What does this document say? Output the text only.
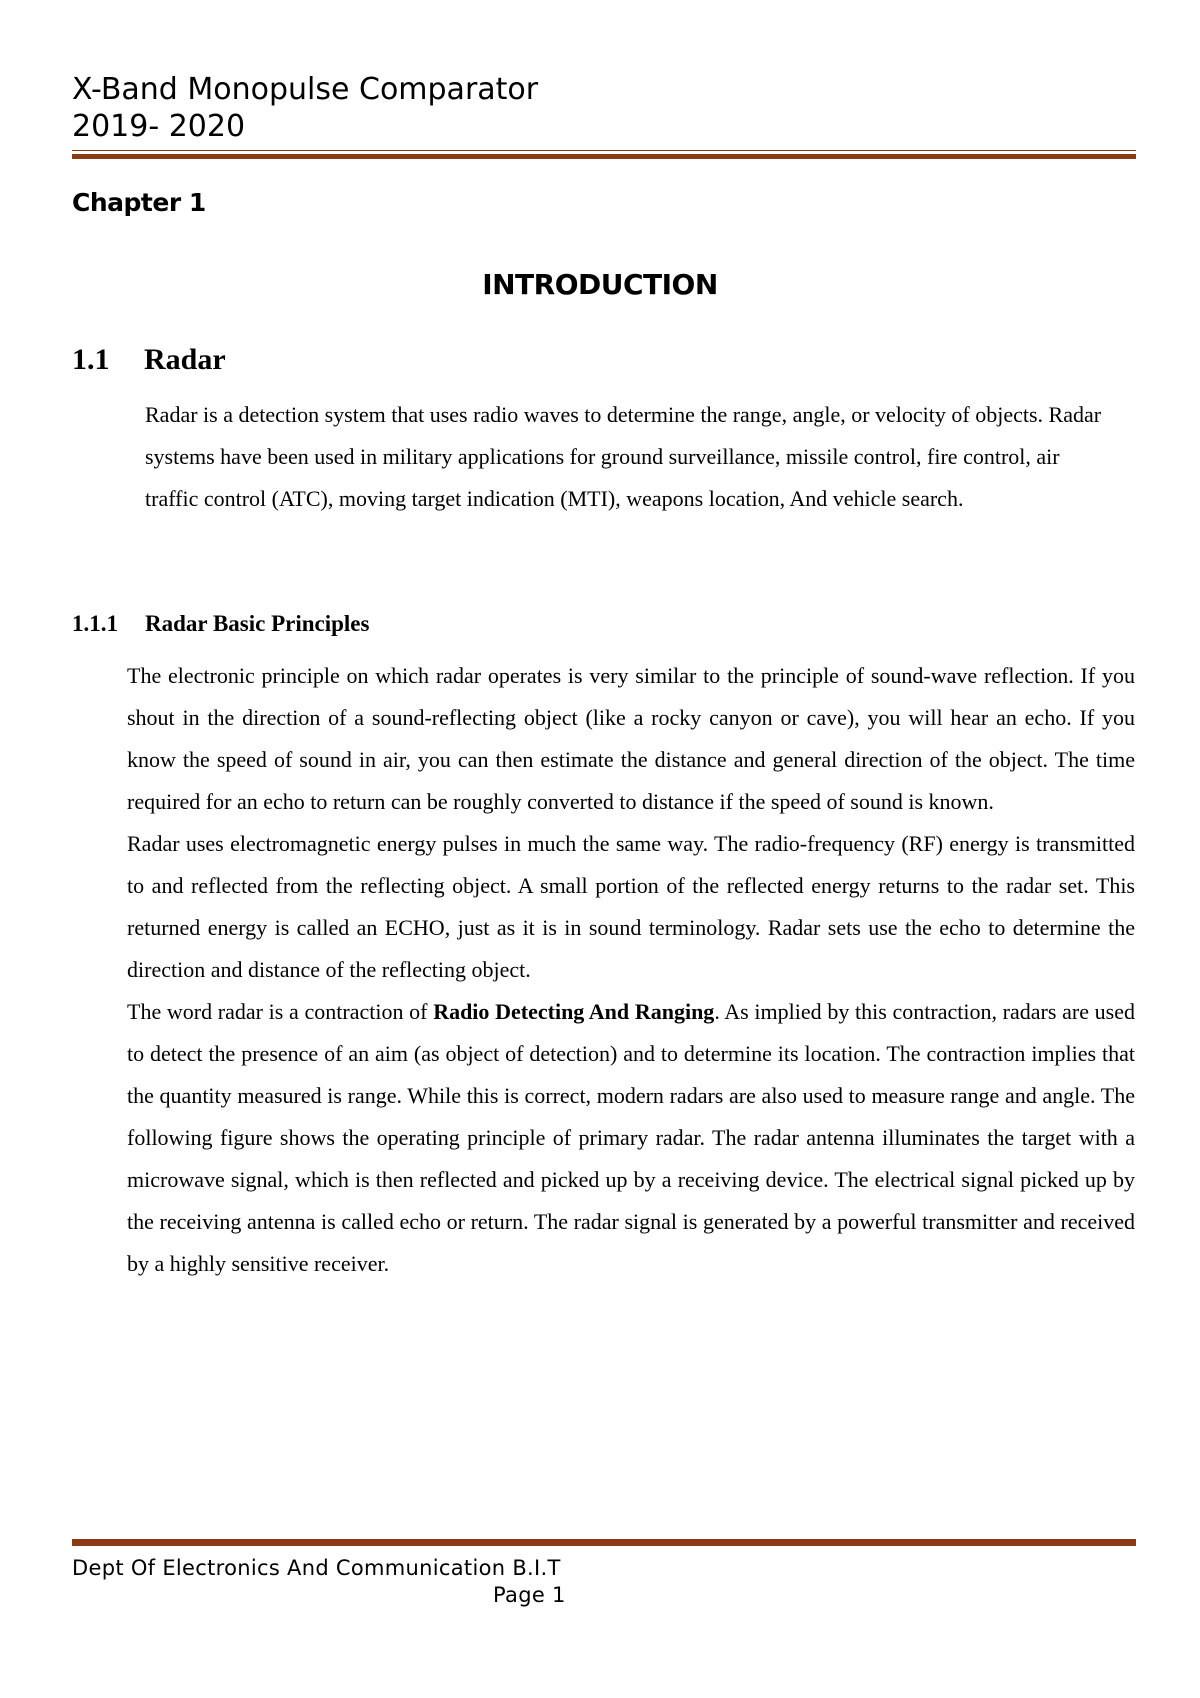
X-Band Monopulse Comparator
2019- 2020
Chapter 1
INTRODUCTION
1.1 Radar

Radar is a detection system that uses radio waves to determine the range, angle, or velocity of objects. Radar systems have been used in military applications for ground surveillance, missile control, fire control, air traffic control (ATC), moving target indication (MTI), weapons location, And vehicle search.

1.1.1 Radar Basic Principles

The electronic principle on which radar operates is very similar to the principle of sound-wave reflection. If you shout in the direction of a sound-reflecting object (like a rocky canyon or cave), you will hear an echo. If you know the speed of sound in air, you can then estimate the distance and general direction of the object. The time required for an echo to return can be roughly converted to distance if the speed of sound is known.

Radar uses electromagnetic energy pulses in much the same way. The radio-frequency (RF) energy is transmitted to and reflected from the reflecting object. A small portion of the reflected energy returns to the radar set. This returned energy is called an ECHO, just as it is in sound terminology. Radar sets use the echo to determine the direction and distance of the reflecting object.

The word radar is a contraction of Radio Detecting And Ranging. As implied by this contraction, radars are used to detect the presence of an aim (as object of detection) and to determine its location. The contraction implies that the quantity measured is range. While this is correct, modern radars are also used to measure range and angle. The following figure shows the operating principle of primary radar. The radar antenna illuminates the target with a microwave signal, which is then reflected and picked up by a receiving device. The electrical signal picked up by the receiving antenna is called echo or return. The radar signal is generated by a powerful transmitter and received by a highly sensitive receiver.

Dept Of Electronics And Communication B.I.T
Page 1
